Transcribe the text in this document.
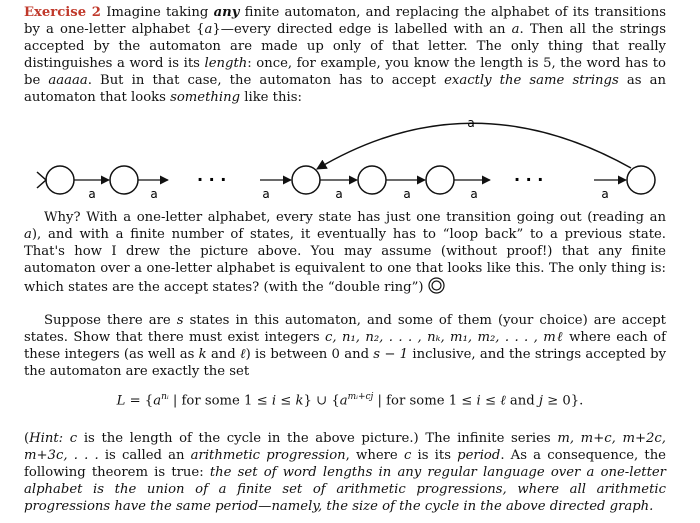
Exercise 2 Imagine taking any finite automaton, and replacing the alphabet of its transitions by a one-letter alphabet {a}—every directed edge is labelled with an a. Then all the strings accepted by the automaton are made up only of that letter. The only thing that really distinguishes a word is its length: once, for example, you know the length is 5, the word has to be aaaaa. But in that case, the automaton has to accept exactly the same strings as an automaton that looks something like this:
· · ·	· · ·
a
a	a	a	a	a	a	a
Why? With a one-letter alphabet, every state has just one transition going out (reading an a), and with a finite number of states, it eventually has to “loop back” to a previous state. That's how I drew the picture above. You may assume (without proof!) that any finite automaton over a one-letter alphabet is equivalent to one that looks like this. The only thing is: which states are the accept states? (with the “double ring”)
Suppose there are s states in this automaton, and some of them (your choice) are accept states. Show that there must exist integers c, n₁, n₂, . . . , nₖ, m₁, m₂, . . . , mℓ where each of these integers (as well as k and ℓ) is between 0 and s − 1 inclusive, and the strings accepted by the automaton are exactly the set
$L = \{a^{nᵢ}$ | for some 1 ≤ i ≤ k} ∪ {$a^{mᵢ+cj}$ | for some 1 ≤ i ≤ ℓ and j ≥ 0}.
(Hint: c is the length of the cycle in the above picture.) The infinite series m, m+c, m+2c, m+3c, . . . is called an arithmetic progression, where c is its period. As a consequence, the following theorem is true: the set of word lengths in any regular language over a one-letter alphabet is the union of a finite set of arithmetic progressions, where all arithmetic progressions have the same period—namely, the size of the cycle in the above directed graph.
